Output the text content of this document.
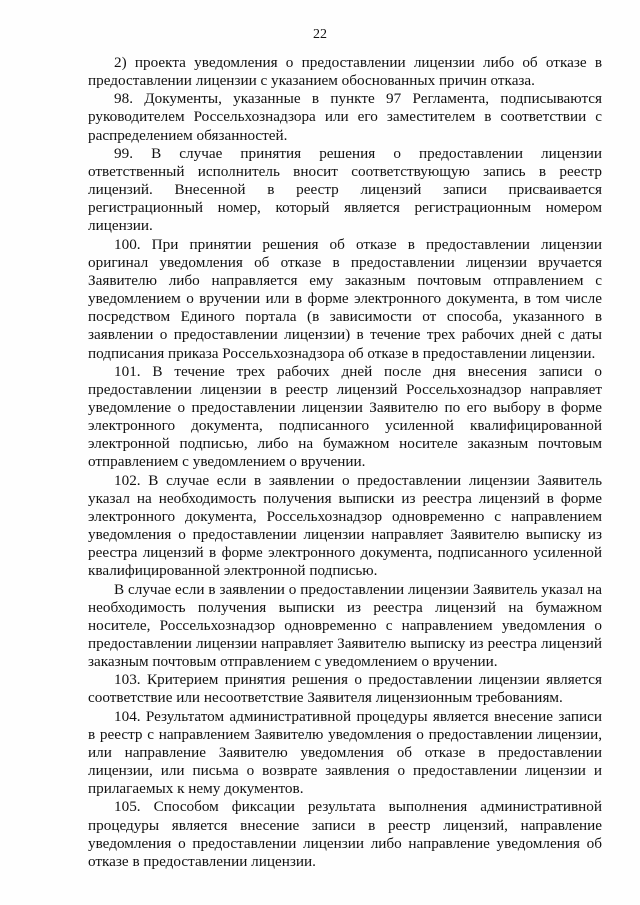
22

2) проекта уведомления о предоставлении лицензии либо об отказе в предоставлении лицензии с указанием обоснованных причин отказа.

98. Документы, указанные в пункте 97 Регламента, подписываются руководителем Россельхознадзора или его заместителем в соответствии с распределением обязанностей.

99. В случае принятия решения о предоставлении лицензии ответственный исполнитель вносит соответствующую запись в реестр лицензий. Внесенной в реестр лицензий записи присваивается регистрационный номер, который является регистрационным номером лицензии.

100. При принятии решения об отказе в предоставлении лицензии оригинал уведомления об отказе в предоставлении лицензии вручается Заявителю либо направляется ему заказным почтовым отправлением с уведомлением о вручении или в форме электронного документа, в том числе посредством Единого портала (в зависимости от способа, указанного в заявлении о предоставлении лицензии) в течение трех рабочих дней с даты подписания приказа Россельхознадзора об отказе в предоставлении лицензии.

101. В течение трех рабочих дней после дня внесения записи о предоставлении лицензии в реестр лицензий Россельхознадзор направляет уведомление о предоставлении лицензии Заявителю по его выбору в форме электронного документа, подписанного усиленной квалифицированной электронной подписью, либо на бумажном носителе заказным почтовым отправлением с уведомлением о вручении.

102. В случае если в заявлении о предоставлении лицензии Заявитель указал на необходимость получения выписки из реестра лицензий в форме электронного документа, Россельхознадзор одновременно с направлением уведомления о предоставлении лицензии направляет Заявителю выписку из реестра лицензий в форме электронного документа, подписанного усиленной квалифицированной электронной подписью.

В случае если в заявлении о предоставлении лицензии Заявитель указал на необходимость получения выписки из реестра лицензий на бумажном носителе, Россельхознадзор одновременно с направлением уведомления о предоставлении лицензии направляет Заявителю выписку из реестра лицензий заказным почтовым отправлением с уведомлением о вручении.

103. Критерием принятия решения о предоставлении лицензии является соответствие или несоответствие Заявителя лицензионным требованиям.

104. Результатом административной процедуры является внесение записи в реестр с направлением Заявителю уведомления о предоставлении лицензии, или направление Заявителю уведомления об отказе в предоставлении лицензии, или письма о возврате заявления о предоставлении лицензии и прилагаемых к нему документов.

105. Способом фиксации результата выполнения административной процедуры является внесение записи в реестр лицензий, направление уведомления о предоставлении лицензии либо направление уведомления об отказе в предоставлении лицензии.
